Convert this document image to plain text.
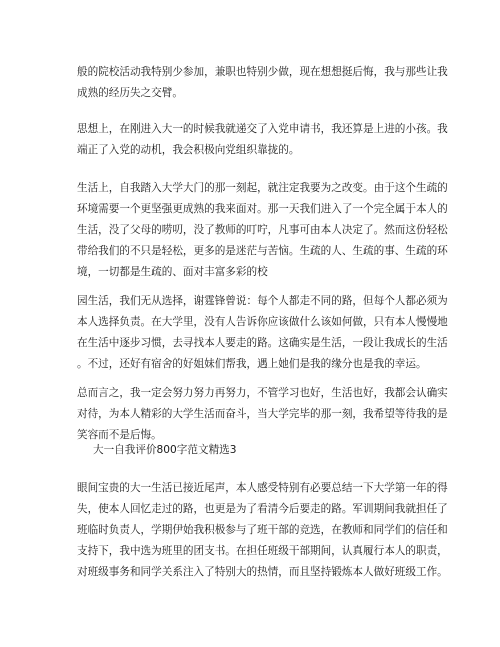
般的院校活动我特别少参加，兼职也特别少做，现在想想挺后悔，我与那些让我
成熟的经历失之交臂。

思想上，在刚进入大一的时候我就递交了入党申请书，我还算是上进的小孩。我
端正了入党的动机，我会积极向党组织靠拢的。

生活上，自我踏入大学大门的那一刻起，就注定我要为之改变。由于这个生疏的
环境需要一个更坚强更成熟的我来面对。那一天我们进入了一个完全属于本人的
生活，没了父母的唠叨，没了教师的叮咛，凡事可由本人决定了。然而这份轻松
带给我们的不只是轻松，更多的是迷茫与苦恼。生疏的人、生疏的事、生疏的环
境，一切都是生疏的、面对丰富多彩的校

园生活，我们无从选择，谢霆锋曾说：每个人都走不同的路，但每个人都必须为
本人选择负责。在大学里，没有人告诉你应该做什么该如何做，只有本人慢慢地
在生活中逐步习惯，去寻找本人要走的路。这确实是生活，一段让我成长的生活
。不过，还好有宿舍的好姐妹们帮我，遇上她们是我的缘分也是我的幸运。

总而言之，我一定会努力努力再努力，不管学习也好，生活也好，我都会认确实
对待，为本人精彩的大学生活而奋斗，当大学完毕的那一刻，我希望等待我的是
笑容而不是后悔。

大一自我评价800字范文精选3

眼间宝贵的大一生活已接近尾声，本人感受特别有必要总结一下大学第一年的得
失，使本人回忆走过的路，也更是为了看清今后要走的路。军训期间我就担任了
班临时负责人，学期伊始我积极参与了班干部的竞选，在教师和同学们的信任和
支持下，我中选为班里的团支书。在担任班级干部期间，认真履行本人的职责，
对班级事务和同学关系注入了特别大的热情，而且坚持锻炼本人做好班级工作。
